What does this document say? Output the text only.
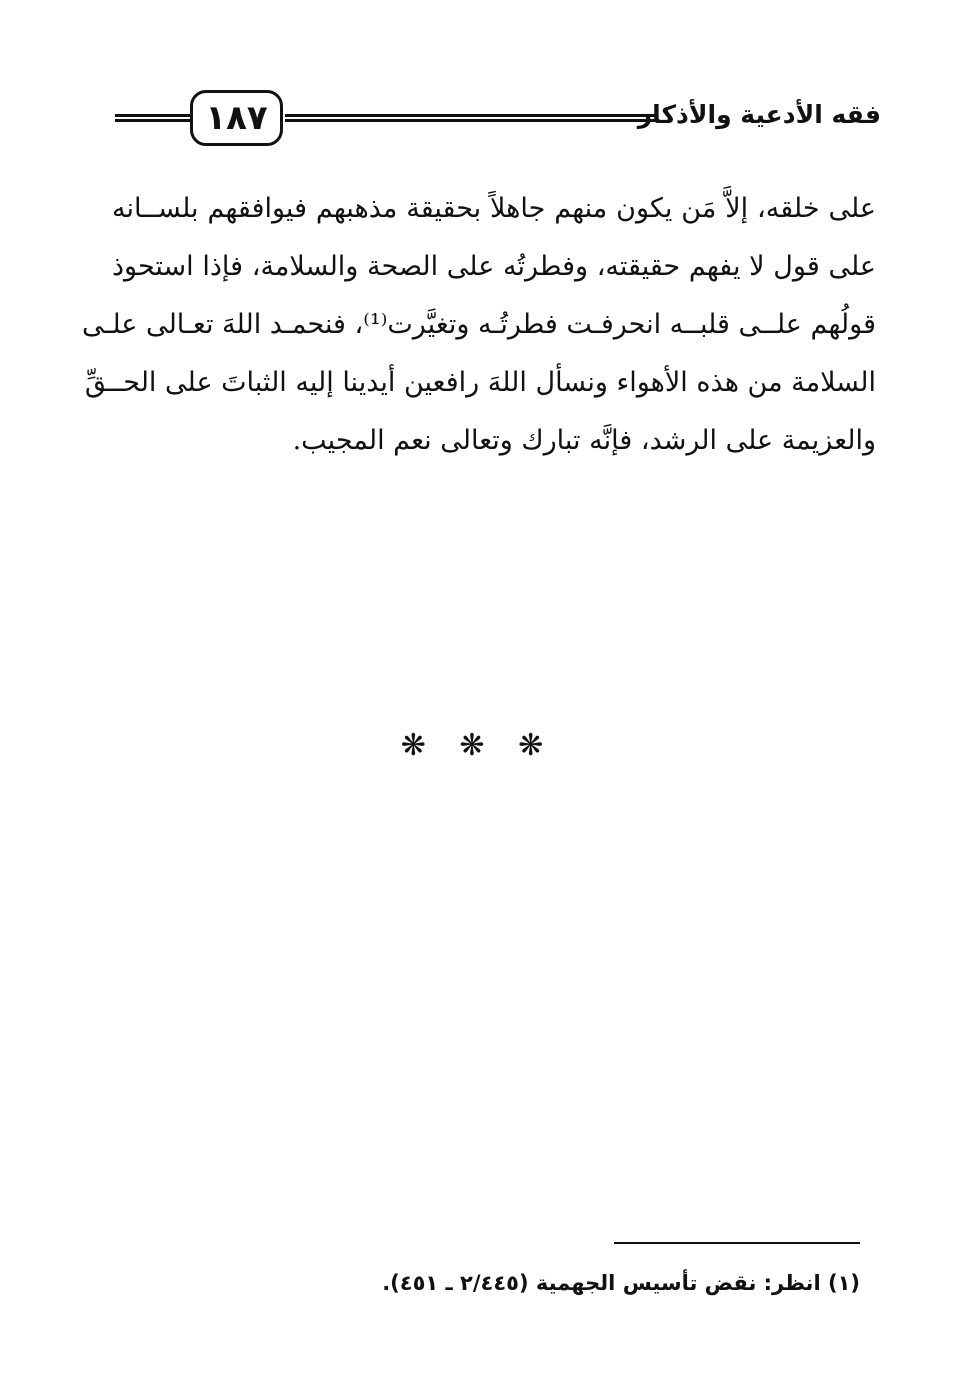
١٨٧	فقه الأدعية والأذكار
على خلقه، إلاَّ مَن يكون منهم جاهلاً بحقيقة مذهبهم فيوافقهم بلســانه
على قول لا يفهم حقيقته، وفطرتُه على الصحة والسلامة، فإذا استحوذ
قولُهم علــى قلبــه انحرفـت فطرتُـه وتغيَّرت⁽¹⁾، فنحمـد اللهَ تعـالى علـى
السلامة من هذه الأهواء ونسأل اللهَ رافعين أيدينا إليه الثباتَ على الحــقِّ
والعزيمة على الرشد، فإنَّه تبارك وتعالى نعم المجيب.
❋ ❋ ❋
(١) انظر: نقض تأسيس الجهمية (٢/٤٤٥ ـ ٤٥١).
